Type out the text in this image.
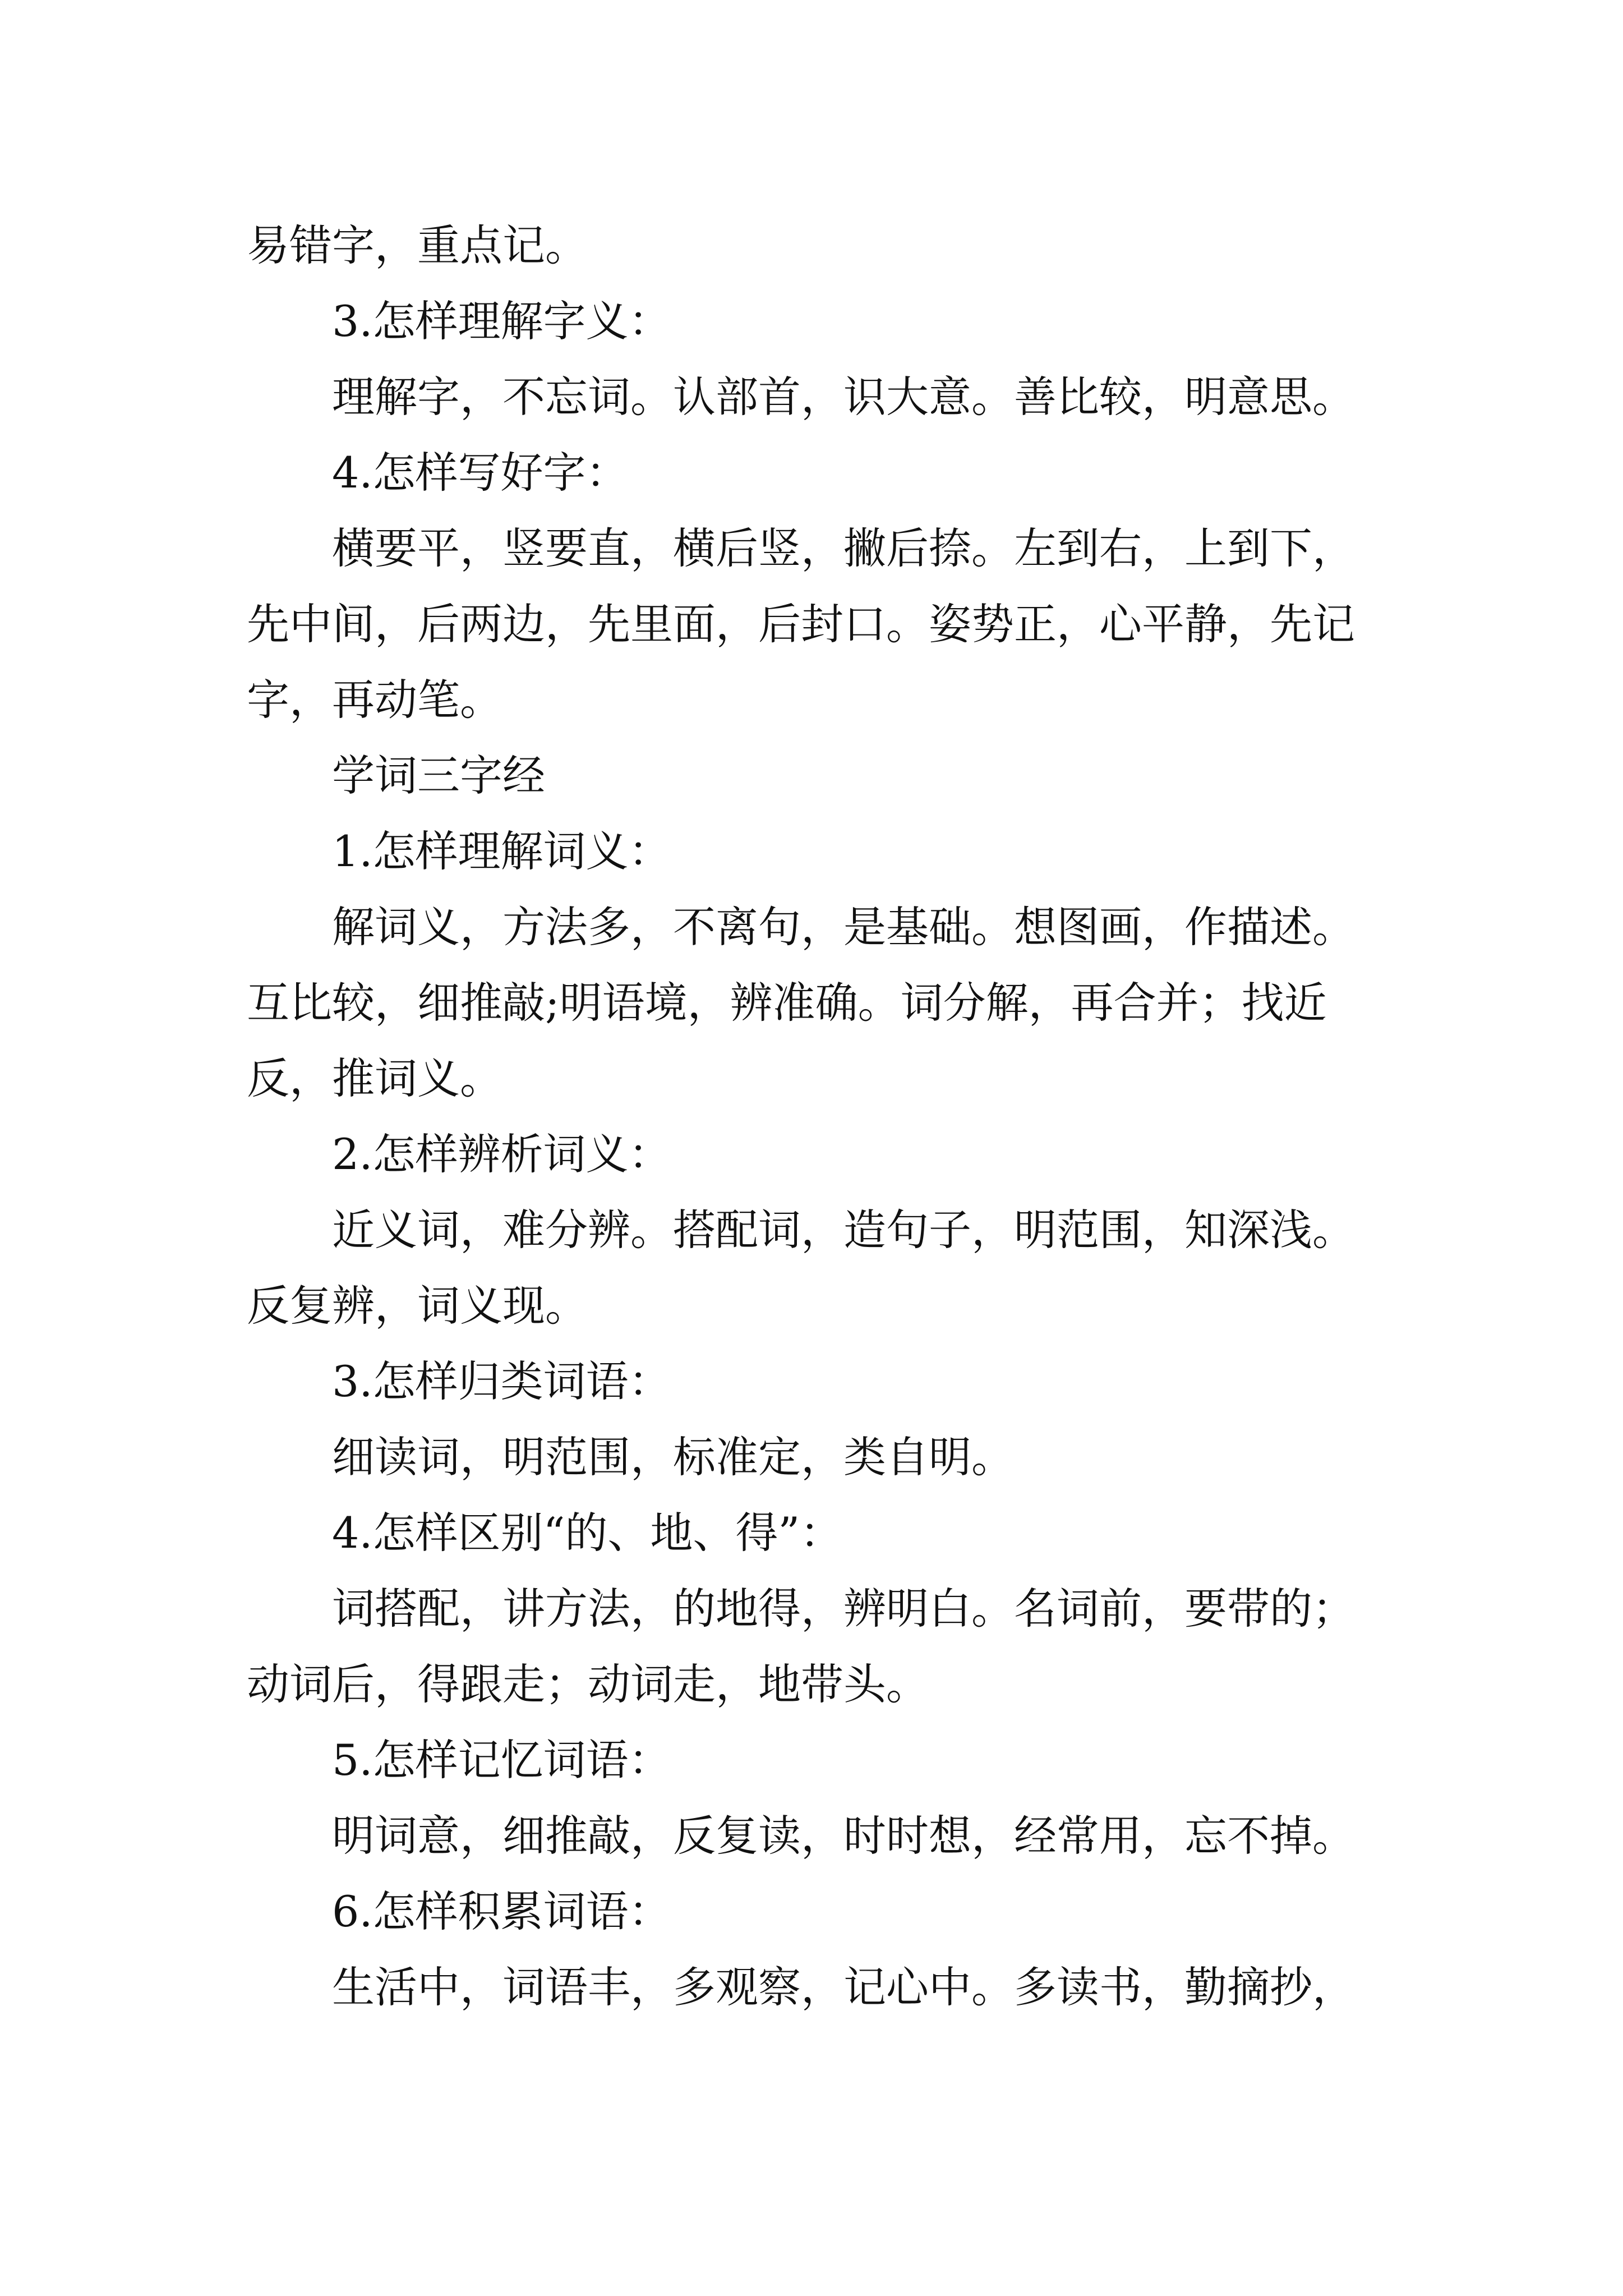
易错字，重点记。
3.怎样理解字义：
理解字，不忘词。认部首，识大意。善比较，明意思。
4.怎样写好字：
横要平，竖要直，横后竖，撇后捺。左到右，上到下，
先中间，后两边，先里面，后封口。姿势正，心平静，先记
字，再动笔。
学词三字经
1.怎样理解词义：
解词义，方法多，不离句，是基础。想图画，作描述。
互比较，细推敲;明语境，辨准确。词分解，再合并；找近
反，推词义。
2.怎样辨析词义：
近义词，难分辨。搭配词，造句子，明范围，知深浅。
反复辨，词义现。
3.怎样归类词语：
细读词，明范围，标准定，类自明。
4.怎样区别“的、地、得”：
词搭配，讲方法，的地得，辨明白。名词前，要带的；
动词后，得跟走；动词走，地带头。
5.怎样记忆词语：
明词意，细推敲，反复读，时时想，经常用，忘不掉。
6.怎样积累词语：
生活中，词语丰，多观察，记心中。多读书，勤摘抄，
